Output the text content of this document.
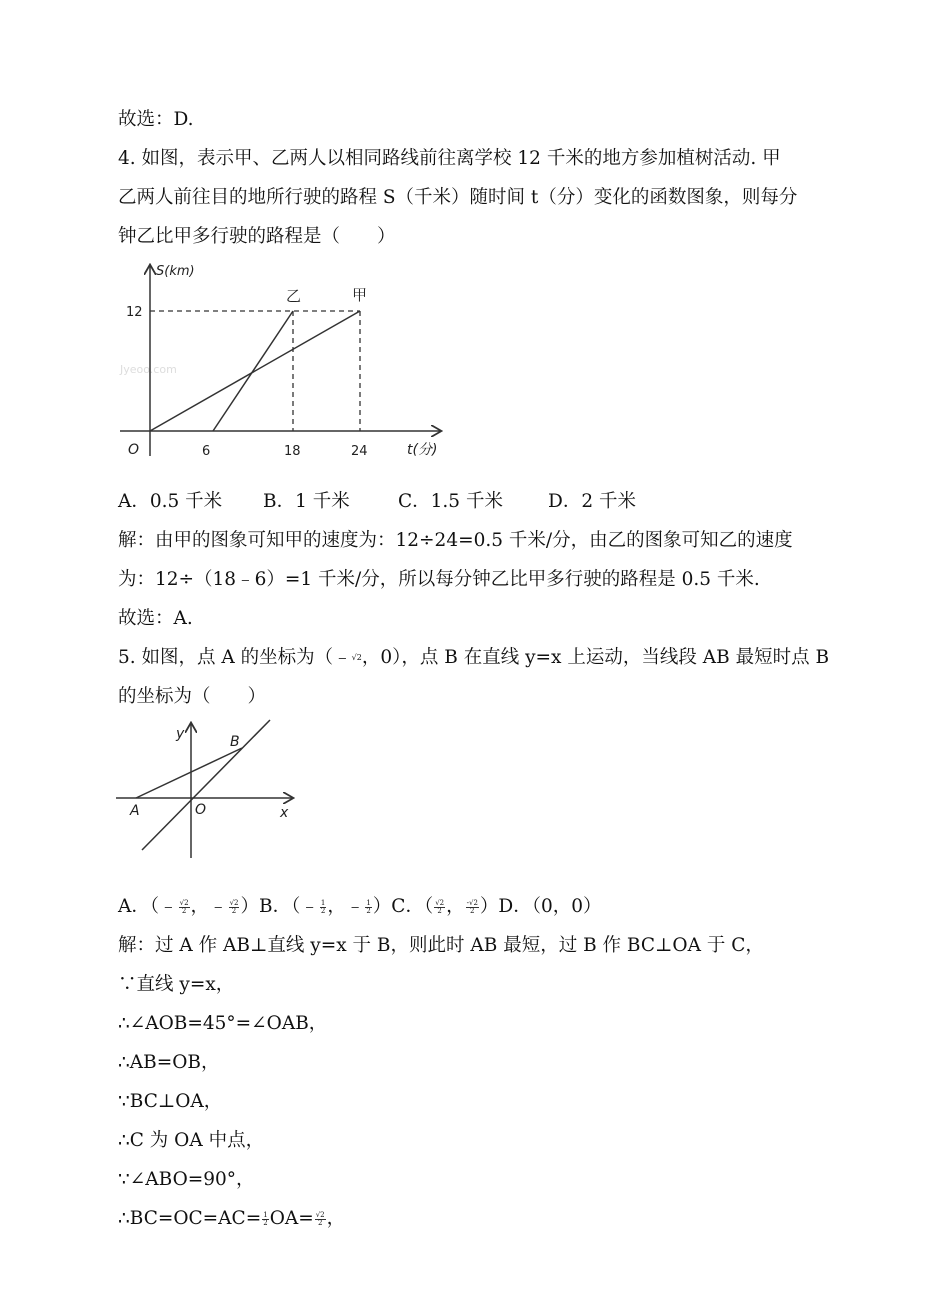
故选：D.
4. 如图，表示甲、乙两人以相同路线前往离学校 12 千米的地方参加植树活动. 甲
乙两人前往目的地所行驶的路程 S（千米）随时间 t（分）变化的函数图象，则每分
钟乙比甲多行驶的路程是（　　）
Jyeoo.com
S(km)
12
乙	甲
O	6	18	24	t(分)
A．0.5 千米 B．1 千米	C．1.5 千米 D．2 千米
解：由甲的图象可知甲的速度为：12÷24=0.5 千米/分，由乙的图象可知乙的速度
为：12÷（18﹣6）=1 千米/分，所以每分钟乙比甲多行驶的路程是 0.5 千米.
故选：A.
5. 如图，点 A 的坐标为（﹣√2，0），点 B 在直线 y=x 上运动，当线段 AB 最短时点 B
的坐标为（　　）
y	B
A	O	x
A．（﹣ $\frac{√2}{2}$ ，﹣ $\frac{√2}{2} )B$．（﹣ $\frac{1}{2}$ ，﹣ $\frac{1}{2} )C$．（ $\frac{√2}{2}$ ， $\frac{-√2}{2} )D$．（0，0）
解：过 A 作 AB⊥直线 y=x 于 B，则此时 AB 最短，过 B 作 BC⊥OA 于 C，
∵直线 y=x，
∴∠AOB=45°=∠OAB，
∴AB=OB，
∵BC⊥OA，
∴C 为 OA 中点，
∵∠ABO=90°，
∴BC=OC=AC= $\frac{1}{2} OA= \frac{√2}{2}$ ，
